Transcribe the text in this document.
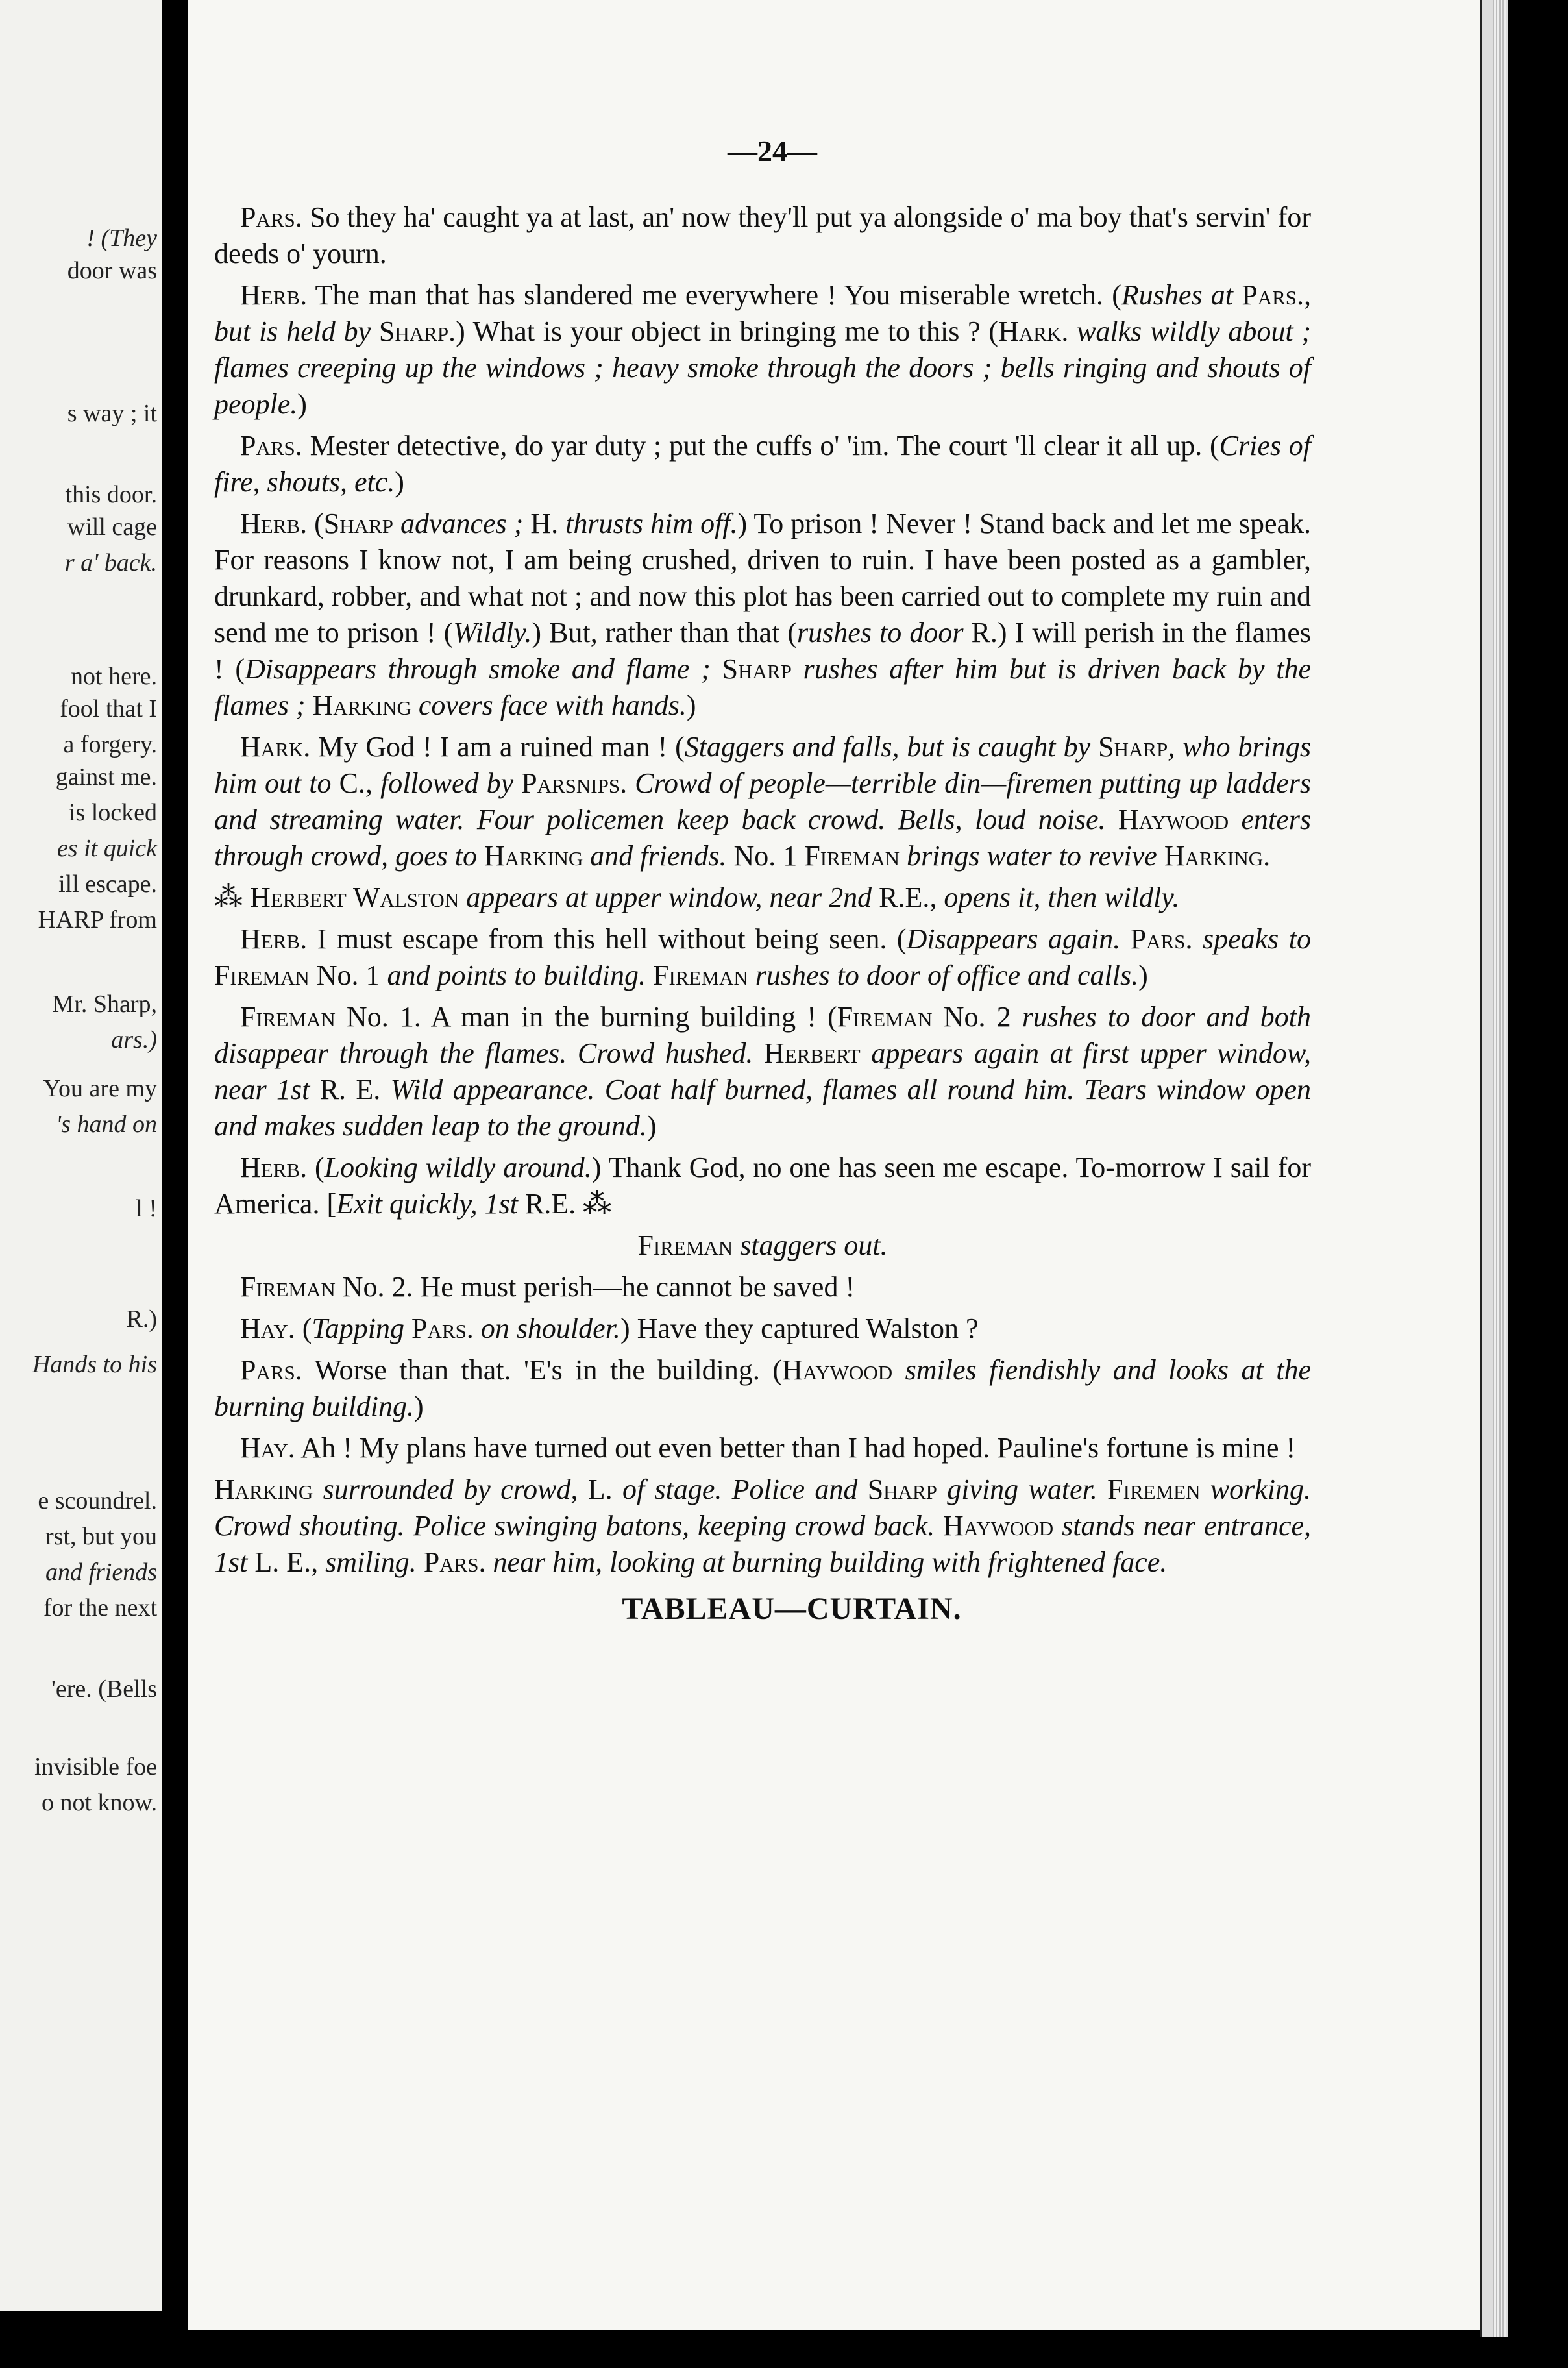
! (They
door was
s way ; it
this door.
will cage
r a' back.
not here.
fool that I
a forgery.
gainst me.
is locked
es it quick
ill escape.
HARP from
Mr. Sharp,
ars.)
You are my
's hand on
l !
R.)
Hands to his
e scoundrel.
rst, but you
and friends
for the next
'ere. (Bells
invisible foe
o not know.
—24—

Pars. So they ha' caught ya at last, an' now they'll put ya alongside o' ma boy that's servin' for deeds o' yourn.

Herb. The man that has slandered me everywhere ! You miserable wretch. (Rushes at Pars., but is held by Sharp.) What is your object in bringing me to this ? (Hark. walks wildly about ; flames creeping up the windows ; heavy smoke through the doors ; bells ringing and shouts of people.)

Pars. Mester detective, do yar duty ; put the cuffs o' 'im. The court 'll clear it all up. (Cries of fire, shouts, etc.)

Herb. (Sharp advances ; H. thrusts him off.) To prison ! Never ! Stand back and let me speak. For reasons I know not, I am being crushed, driven to ruin. I have been posted as a gambler, drunkard, robber, and what not ; and now this plot has been carried out to complete my ruin and send me to prison ! (Wildly.) But, rather than that (rushes to door R.) I will perish in the flames ! (Disappears through smoke and flame ; Sharp rushes after him but is driven back by the flames ; Harking covers face with hands.)

Hark. My God ! I am a ruined man ! (Staggers and falls, but is caught by Sharp, who brings him out to C., followed by Parsnips. Crowd of people—terrible din—firemen putting up ladders and streaming water. Four policemen keep back crowd. Bells, loud noise. Haywood enters through crowd, goes to Harking and friends. No. 1 Fireman brings water to revive Harking.

⁂ Herbert Walston appears at upper window, near 2nd R.E., opens it, then wildly.

Herb. I must escape from this hell without being seen. (Disappears again. Pars. speaks to Fireman No. 1 and points to building. Fireman rushes to door of office and calls.)

Fireman No. 1. A man in the burning building ! (Fireman No. 2 rushes to door and both disappear through the flames. Crowd hushed. Herbert appears again at first upper window, near 1st R. E. Wild appearance. Coat half burned, flames all round him. Tears window open and makes sudden leap to the ground.)

Herb. (Looking wildly around.) Thank God, no one has seen me escape. To-morrow I sail for America. [Exit quickly, 1st R.E. ⁂

Fireman staggers out.

Fireman No. 2. He must perish—he cannot be saved !

Hay. (Tapping Pars. on shoulder.) Have they captured Walston ?

Pars. Worse than that. 'E's in the building. (Haywood smiles fiendishly and looks at the burning building.)

Hay. Ah ! My plans have turned out even better than I had hoped. Pauline's fortune is mine !

Harking surrounded by crowd, L. of stage. Police and Sharp giving water. Firemen working. Crowd shouting. Police swinging batons, keeping crowd back. Haywood stands near entrance, 1st L. E., smiling. Pars. near him, looking at burning building with frightened face.

TABLEAU—CURTAIN.
